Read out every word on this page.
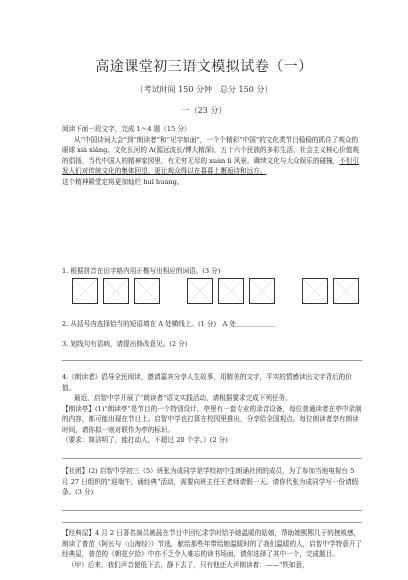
高途课堂初三语文模拟试卷（一）
（考试时间 150 分钟　总分 150 分）
一（23 分）

阅读下面一段文字，完成 1～4 题（15 分）

从“中国诗词大会”到“朗读者”和“见字如面”，一个个精彩“中国”的文化类节目稳稳的抓住了观众的眼球 xià xiàng。文化长河的 A(源远流长/博大精深)，五十六个民族的多彩生活，社会主义核心价值观的倡扬，当代中国人的精神家园里，有无穷无尽的 xuàn lì 风景。赓续文化与大众娱乐的碰撞，不但引发人们对传统文化的集体回望，更让观众得以在暮暮上邂逅诗和远方。

这个精神殿堂定将更加灿烂 huī huáng。

1. 根据拼音在田字格内用正楷写出相应的词语。(3 分)
2. 从括号内选择恰当的短语填在 A 处横线上。(1 分)　A 处＿＿＿＿＿＿
3. 划线句有语病，请提出修改意见。(2 分)

4.《朗读者》倡导全民阅读，邀请嘉宾分享人生故事，用精美的文字，平实的情感读出文字背后的价值。

最近，启智中学开展了“朗读者”语文实践活动，请根据要求完成下列任务。

【朗读亭】(1)“朗读亭”是节目的一个特别设计，亭里有一套专业的录音设备，每位普通读者在亭中录制的内容，都可能出现在节目上。启智中学也打算在校园里推出，分享给全国观点。每位朗读者享有朗读时间，请你拟一则对联作为亭的标识。

（要求：简洁明了，能打动人，不超过 20 个字。）(2 分)

【社团】(2) 启智中学初三（5）班张为成同学是学校初中生朗诵社团的成员，为了参加当地电视台 5 月 27 日组织的“迎端午，诵经典”活动，需要向班主任王老师请假一天。请你代张为成同学写一份请假条。(3 分)

【经典屋】4 月 2 日著名演员姚晨在节目中回忆求学时给予她温暖的姑娘，帮助她熙熙几于的挫败感，朗读了普范《阿长与〈山海经〉》节选，献给那些年带给她温暖时的了我们温暖的人，启智中学特意开了经典屋，普范的《朝花夕拾》中亦不乏令人难忘的读书场面，请你选择了其中一个，完成题目。

（甲）后来，我们声音便低下去，静下去了，只有他还大声朗读着：——“铁如意，
